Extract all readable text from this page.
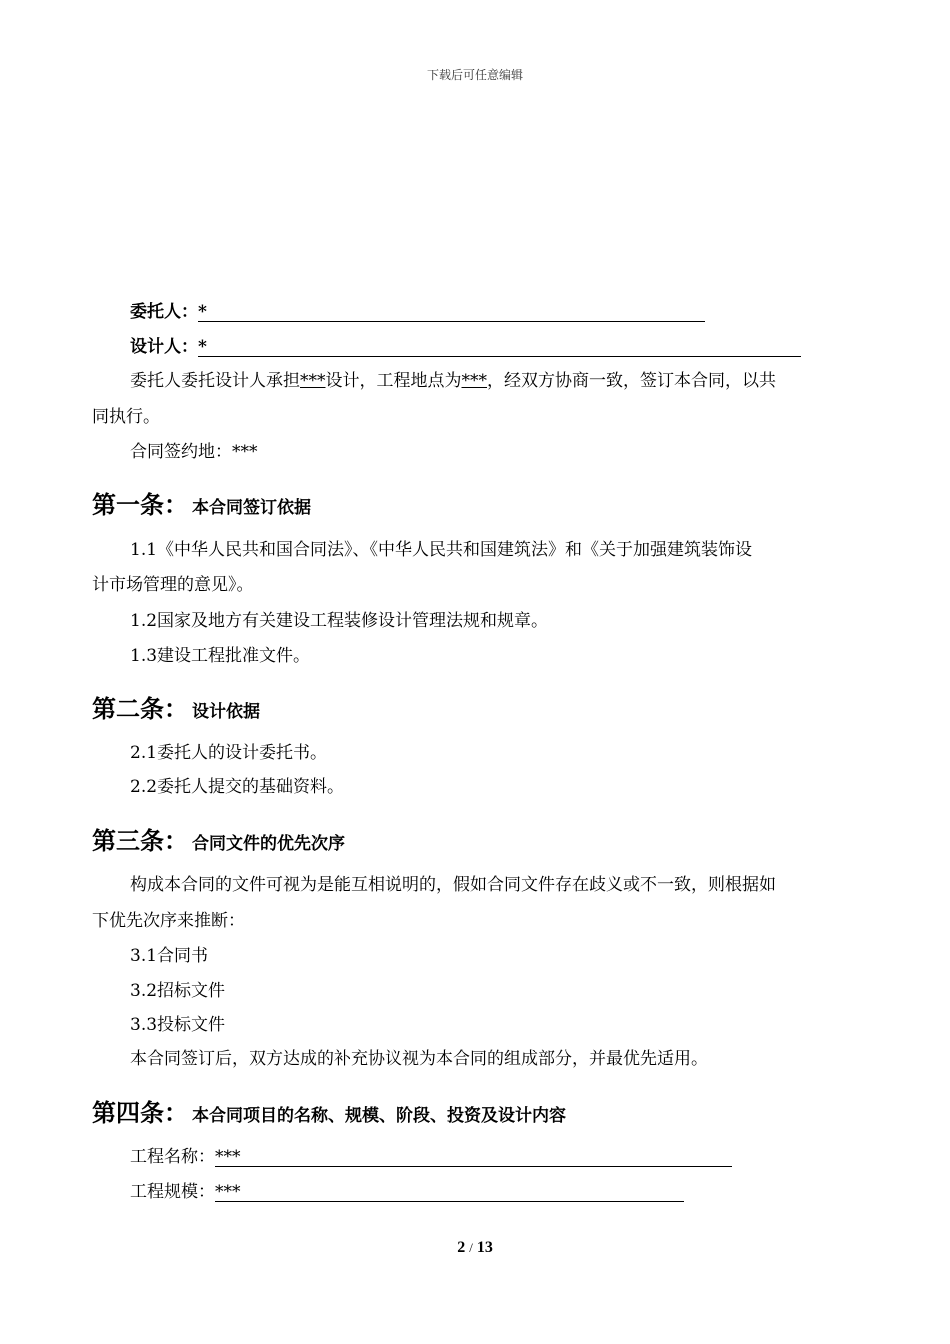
下载后可任意编辑
委托人：*
设计人：*
委托人委托设计人承担***设计，工程地点为***，经双方协商一致，签订本合同，以共
同执行。
合同签约地：***
第一条： 本合同签订依据
1.1《中华人民共和国合同法》、《中华人民共和国建筑法》和《关于加强建筑装饰设
计市场管理的意见》。
1.2国家及地方有关建设工程装修设计管理法规和规章。
1.3建设工程批准文件。
第二条： 设计依据
2.1委托人的设计委托书。
2.2委托人提交的基础资料。
第三条： 合同文件的优先次序
构成本合同的文件可视为是能互相说明的，假如合同文件存在歧义或不一致，则根据如
下优先次序来推断：
3.1合同书
3.2招标文件
3.3投标文件
本合同签订后，双方达成的补充协议视为本合同的组成部分，并最优先适用。
第四条： 本合同项目的名称、规模、阶段、投资及设计内容
工程名称：***
工程规模：***
2 / 13
